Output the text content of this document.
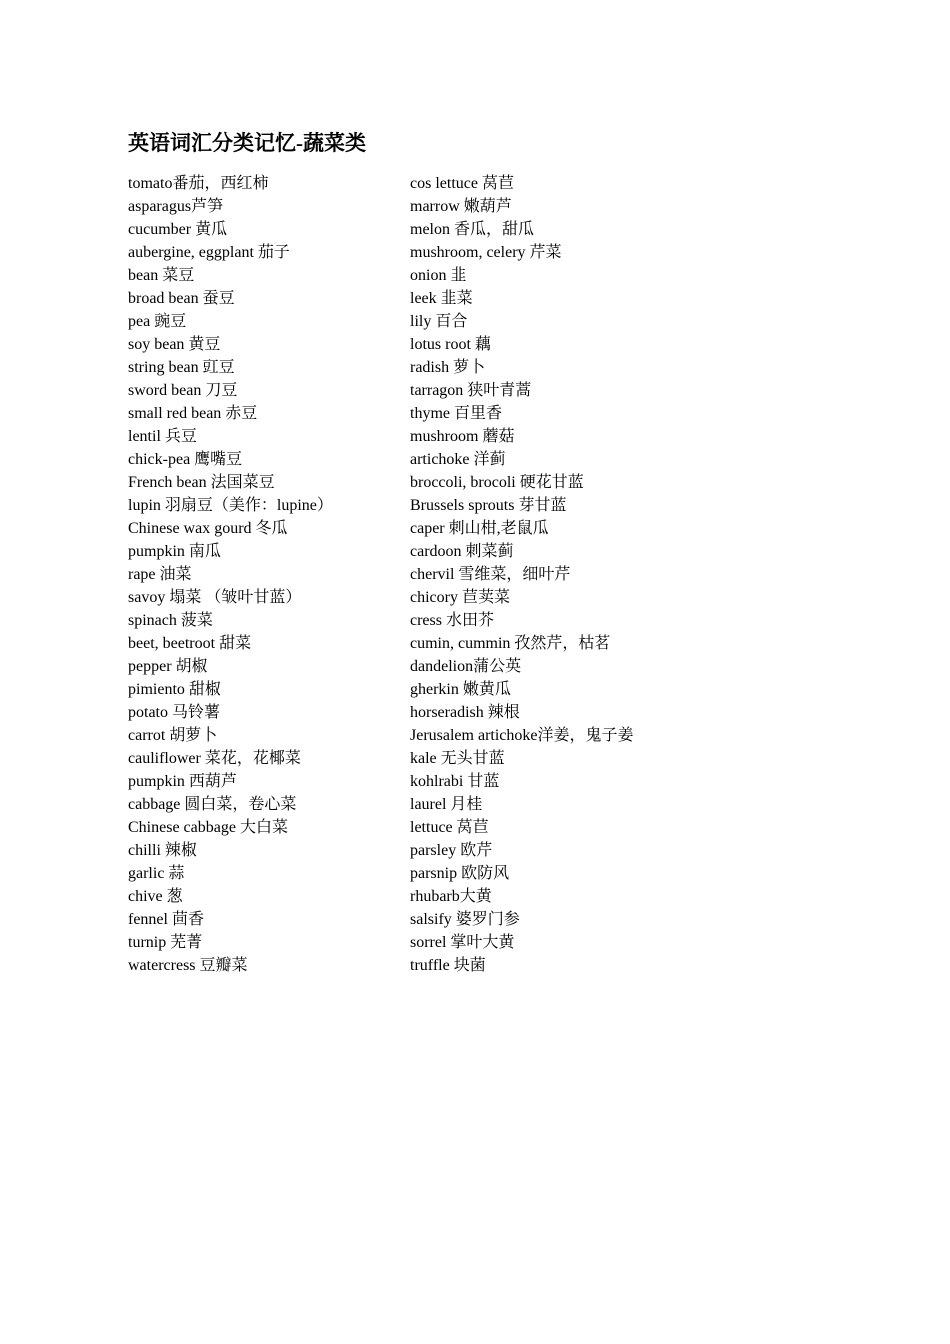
英语词汇分类记忆-蔬菜类
tomato番茄，西红柿
asparagus芦笋
cucumber 黄瓜
aubergine, eggplant 茄子
bean 菜豆
broad bean 蚕豆
pea 豌豆
soy bean 黄豆
string bean 豇豆
sword bean 刀豆
small red bean 赤豆
lentil 兵豆
chick-pea 鹰嘴豆
French bean 法国菜豆
lupin 羽扇豆（美作：lupine）
Chinese wax gourd 冬瓜
pumpkin 南瓜
rape 油菜
savoy 塌菜 （皱叶甘蓝）
spinach 菠菜
beet, beetroot 甜菜
pepper 胡椒
pimiento 甜椒
potato 马铃薯
carrot 胡萝卜
cauliflower 菜花，花椰菜
pumpkin 西葫芦
cabbage 圆白菜，卷心菜
Chinese cabbage 大白菜
chilli 辣椒
garlic 蒜
chive 葱
fennel 茴香
turnip 芜菁
watercress 豆瓣菜
cos lettuce 莴苣
marrow 嫩葫芦
melon 香瓜，甜瓜
mushroom, celery 芹菜
onion 韭
leek 韭菜
lily 百合
lotus root 藕
radish 萝卜
tarragon 狭叶青蒿
thyme 百里香
mushroom 蘑菇
artichoke 洋蓟
broccoli, brocoli 硬花甘蓝
Brussels sprouts 芽甘蓝
caper 刺山柑,老鼠瓜
cardoon 刺菜蓟
chervil 雪维菜，细叶芹
chicory 苣荬菜
cress 水田芥
cumin, cummin 孜然芹，枯茗
dandelion蒲公英
gherkin 嫩黄瓜
horseradish 辣根
Jerusalem artichoke洋姜，鬼子姜
kale 无头甘蓝
kohlrabi 甘蓝
laurel 月桂
lettuce 莴苣
parsley 欧芹
parsnip 欧防风
rhubarb大黄
salsify 婆罗门参
sorrel 掌叶大黄
truffle 块菌
